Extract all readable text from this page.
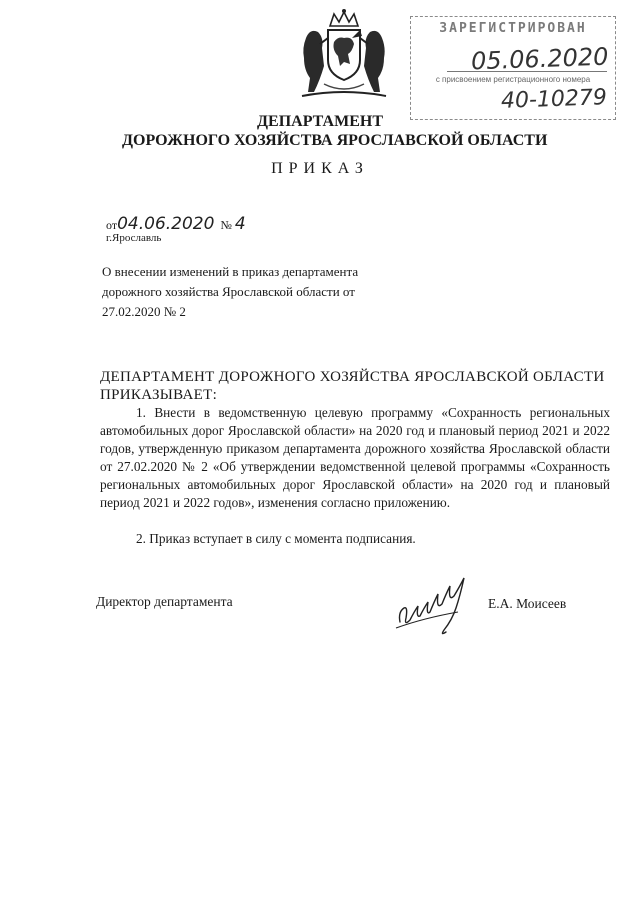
ЗАРЕГИСТРИРОВАН
05.06.2020
с присвоением регистрационного номера
40-10279
ДЕПАРТАМЕНТ
ДОРОЖНОГО ХОЗЯЙСТВА ЯРОСЛАВСКОЙ ОБЛАСТИ
ПРИКАЗ
от04.06.2020 № 4
г.Ярославль
О внесении изменений в приказ департамента дорожного хозяйства Ярославской области от 27.02.2020 № 2
ДЕПАРТАМЕНТ ДОРОЖНОГО ХОЗЯЙСТВА ЯРОСЛАВСКОЙ ОБЛАСТИ ПРИКАЗЫВАЕТ:
1. Внести в ведомственную целевую программу «Сохранность региональных автомобильных дорог Ярославской области» на 2020 год и плановый период 2021 и 2022 годов, утвержденную приказом департамента дорожного хозяйства Ярославской области от 27.02.2020 № 2 «Об утверждении ведомственной целевой программы «Сохранность региональных автомобильных дорог Ярославской области» на 2020 год и плановый период 2021 и 2022 годов», изменения согласно приложению.
2. Приказ вступает в силу с момента подписания.
Директор департамента	Е.А. Моисеев
